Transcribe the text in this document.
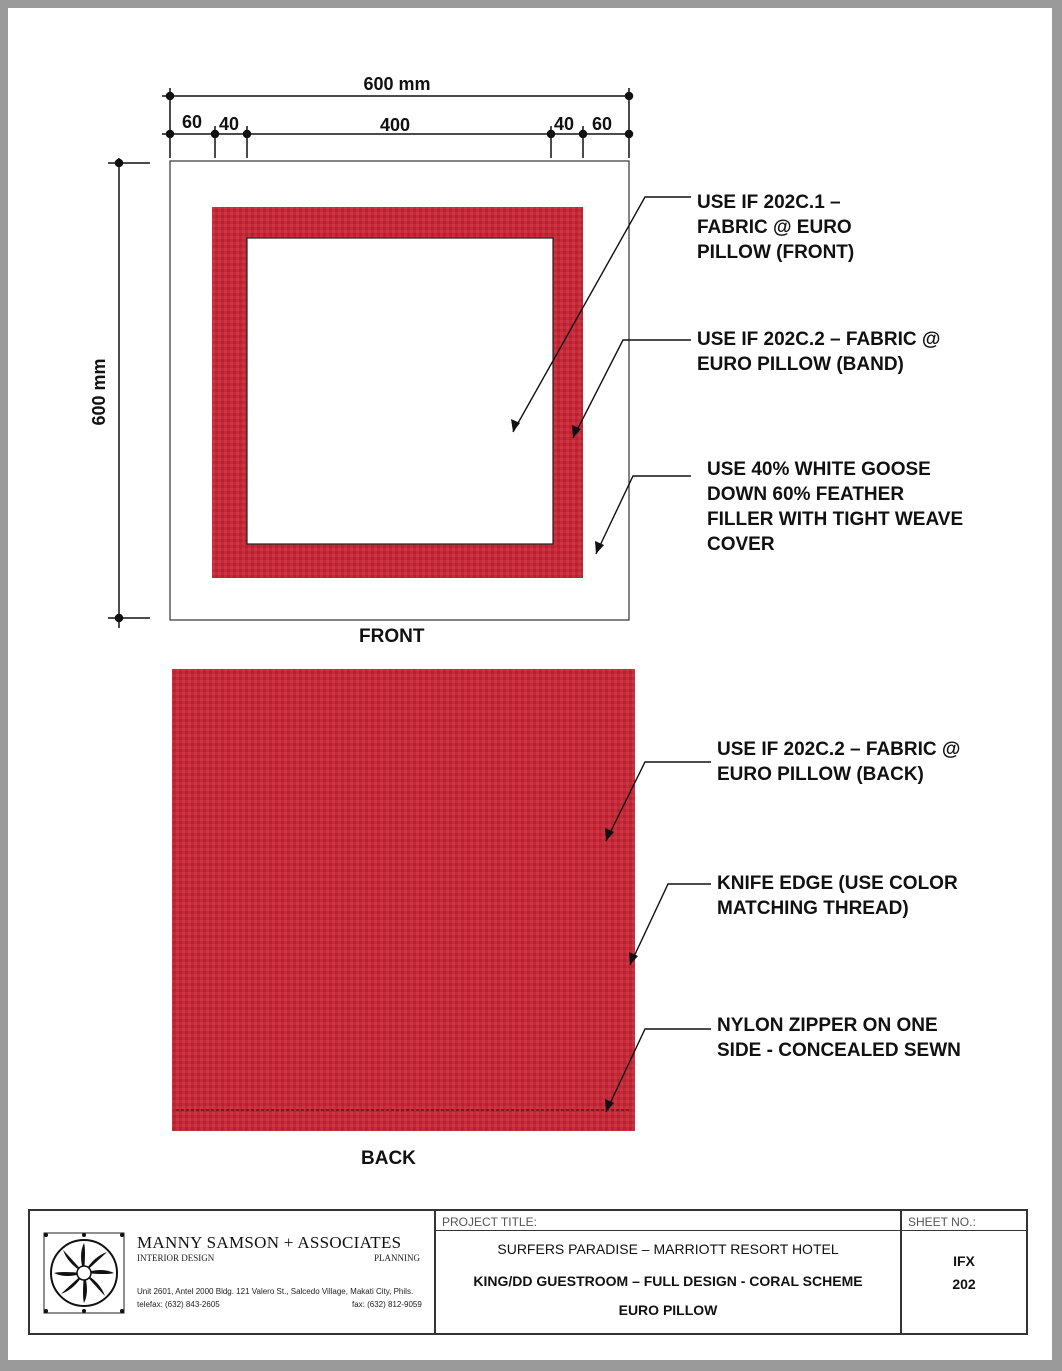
600 mm
60 40	400	40 60
600 mm

FRONT

BACK

USE IF 202C.1 –
FABRIC @ EURO
PILLOW (FRONT)
USE IF 202C.2 – FABRIC @
EURO PILLOW (BAND)
USE 40% WHITE GOOSE
DOWN 60% FEATHER
FILLER WITH TIGHT WEAVE
COVER
USE IF 202C.2 – FABRIC @
EURO PILLOW (BACK)
KNIFE EDGE (USE COLOR
MATCHING THREAD)
NYLON ZIPPER ON ONE
SIDE - CONCEALED SEWN
MANNY SAMSON + ASSOCIATES
INTERIOR DESIGN	PLANNING
Unit 2601, Antel 2000 Bldg. 121 Valero St., Salcedo Village, Makati City, Phils.
telefax: (632) 843-2605	fax: (632) 812-9059
PROJECT TITLE:
SURFERS PARADISE – MARRIOTT RESORT HOTEL
KING/DD GUESTROOM – FULL DESIGN - CORAL SCHEME
EURO PILLOW
SHEET NO.:
IFX
202
